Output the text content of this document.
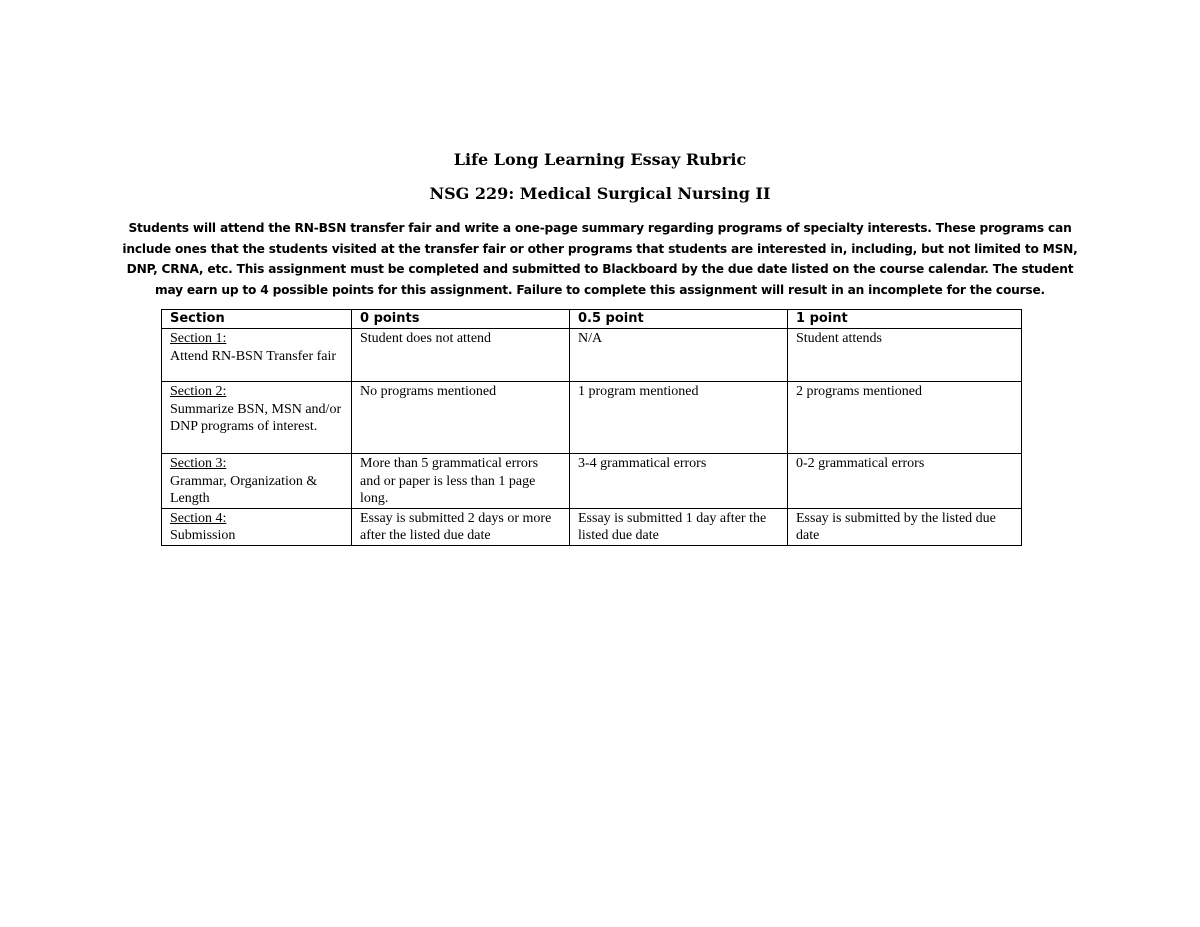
Life Long Learning Essay Rubric
NSG 229: Medical Surgical Nursing II
Students will attend the RN-BSN transfer fair and write a one-page summary regarding programs of specialty interests. These programs can include ones that the students visited at the transfer fair or other programs that students are interested in, including, but not limited to MSN, DNP, CRNA, etc. This assignment must be completed and submitted to Blackboard by the due date listed on the course calendar. The student may earn up to 4 possible points for this assignment. Failure to complete this assignment will result in an incomplete for the course.
Section	0 points	0.5 point	1 point

Section 1:
Attend RN-BSN Transfer fair	Student does not attend	N/A	Student attends

Section 2:
Summarize BSN, MSN and/or DNP programs of interest.	No programs mentioned	1 program mentioned	2 programs mentioned

Section 3:
Grammar, Organization & Length	More than 5 grammatical errors and or paper is less than 1 page long.	3-4 grammatical errors	0-2 grammatical errors

Section 4:
Submission	Essay is submitted 2 days or more after the listed due date	Essay is submitted 1 day after the listed due date	Essay is submitted by the listed due date
